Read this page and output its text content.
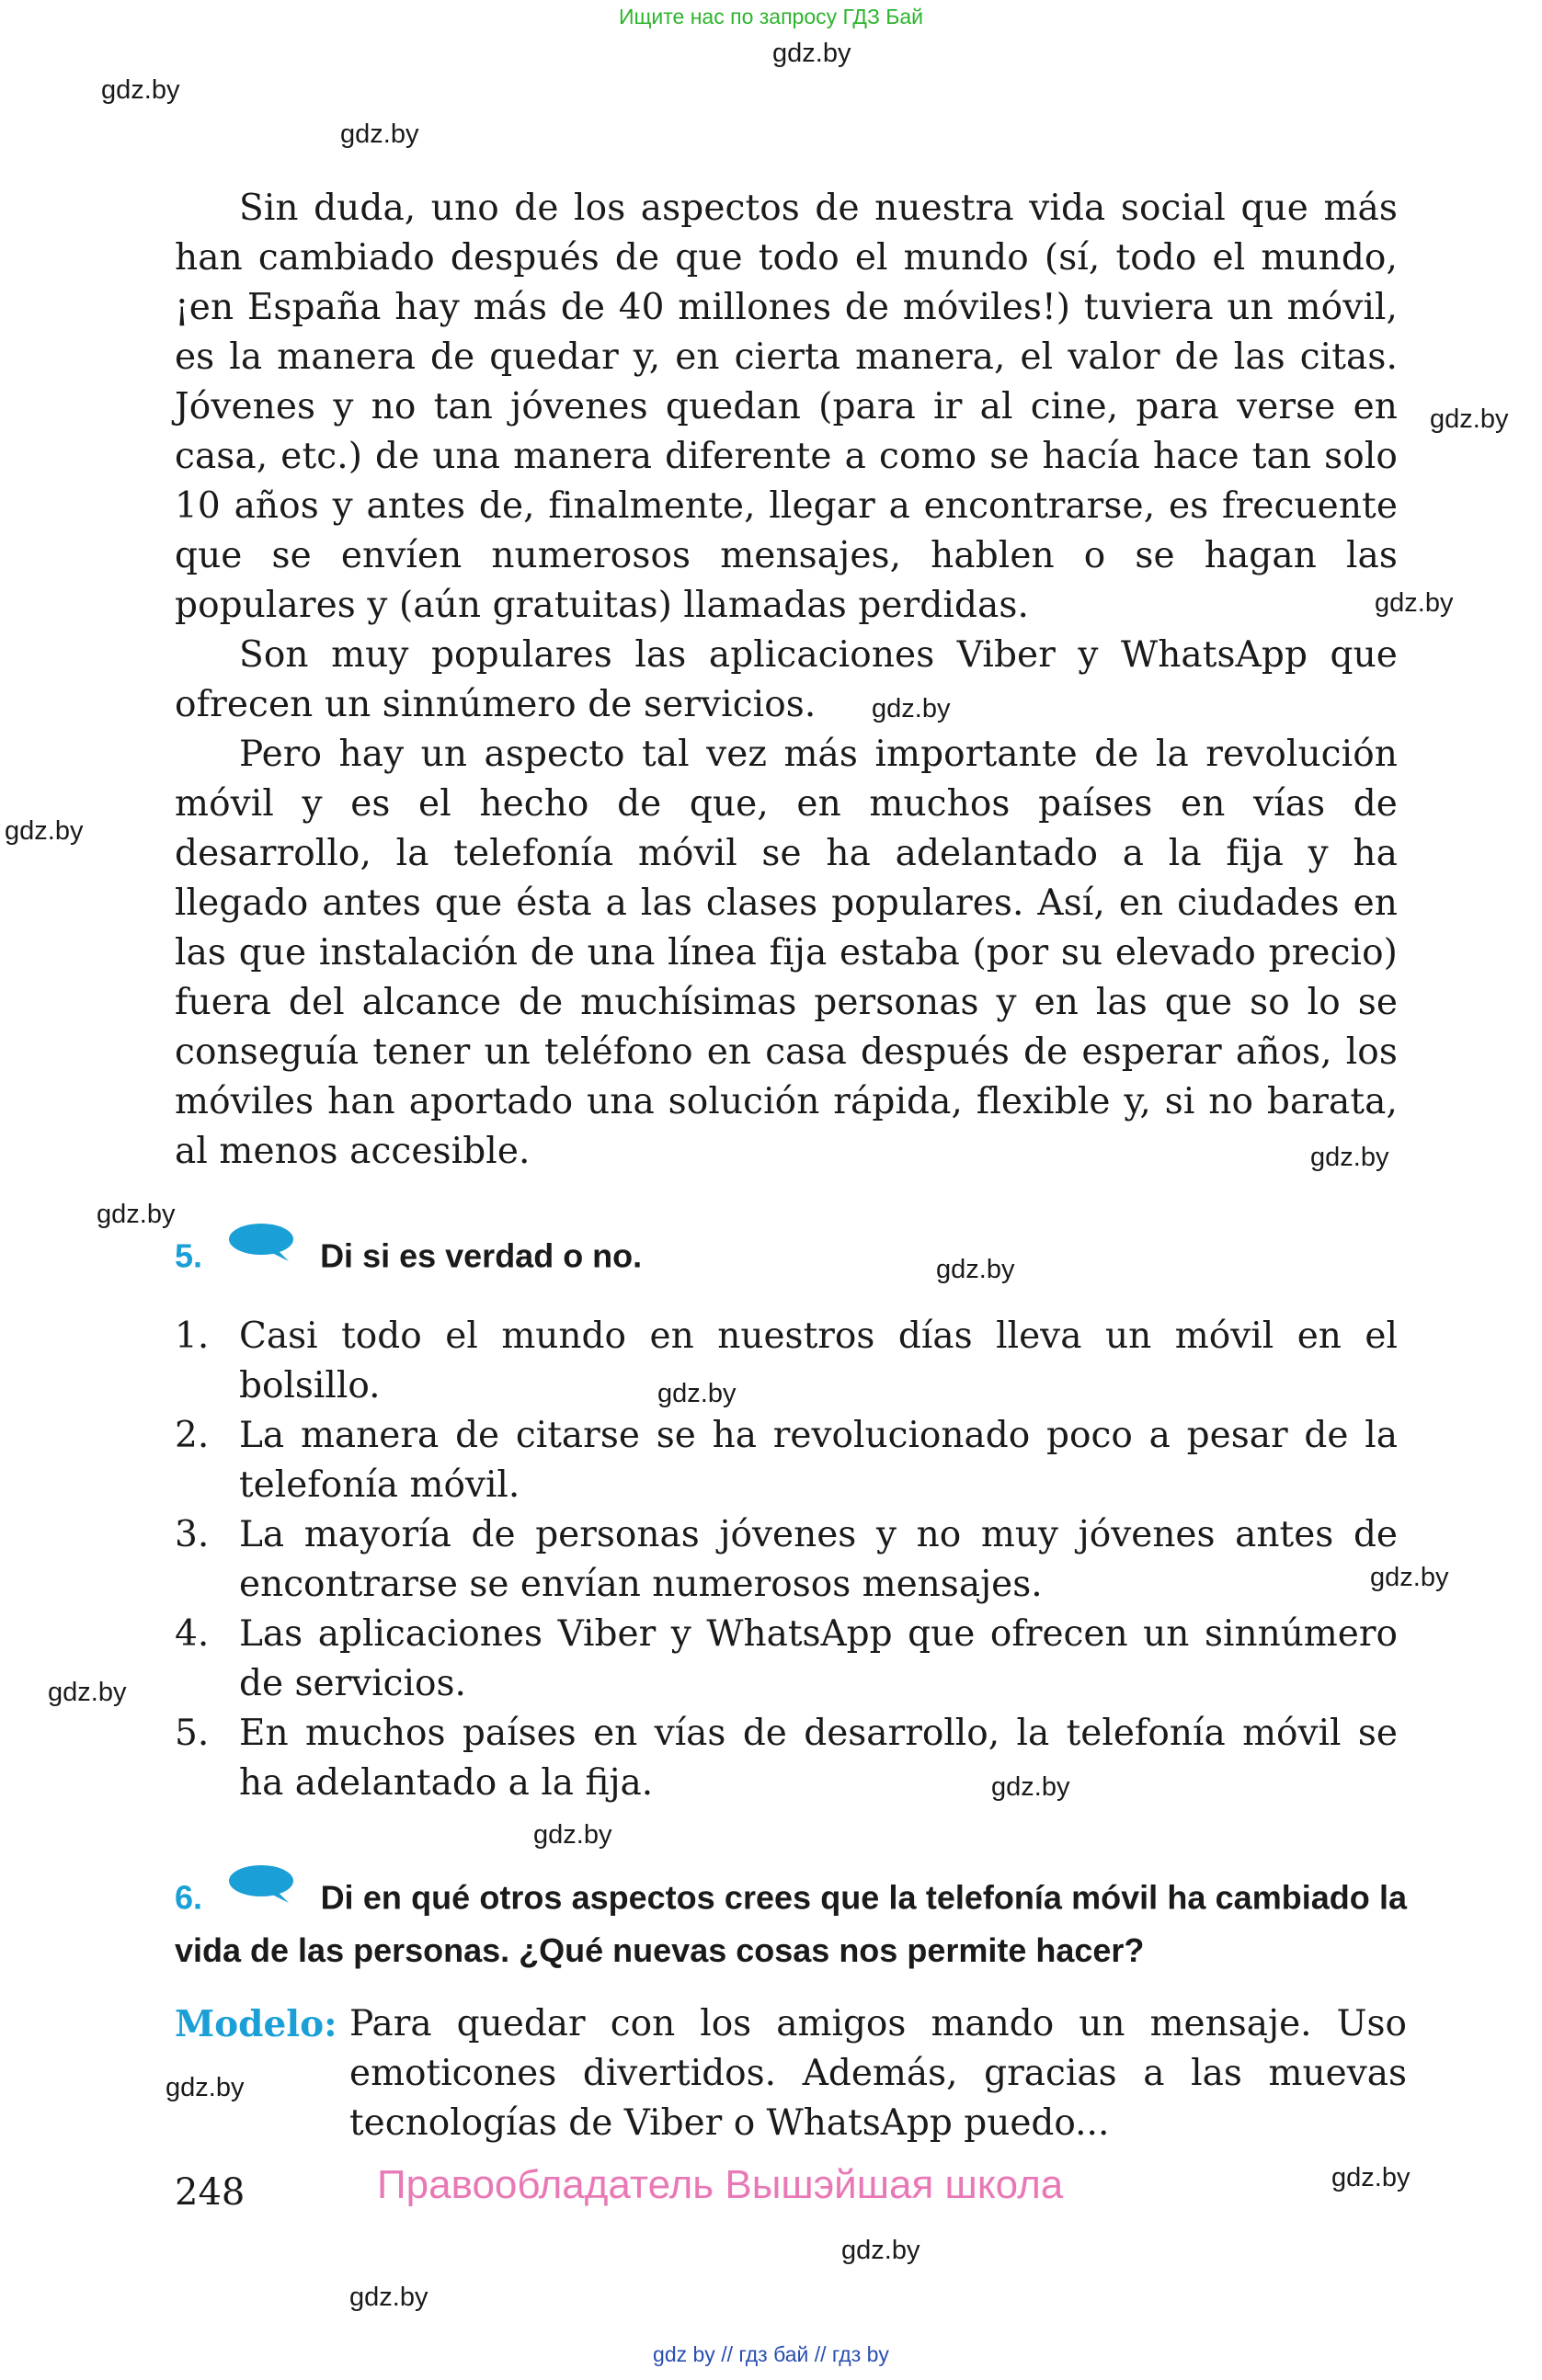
Ищите нас по запросу ГДЗ Бай
gdz.by
gdz.by
gdz.by
gdz.by
gdz.by
gdz.by
gdz.by
gdz.by
gdz.by
gdz.by
gdz.by
gdz.by
gdz.by
gdz.by
gdz.by
gdz.by
gdz.by
gdz.by
gdz.by

Sin duda, uno de los aspectos de nuestra vida social que más han cambiado después de que todo el mundo (sí, todo el mundo, ¡en España hay más de 40 millones de móviles!) tuviera un móvil, es la manera de quedar y, en cierta manera, el valor de las citas. Jóvenes y no tan jóvenes quedan (para ir al cine, para verse en casa, etc.) de una manera diferente a como se hacía hace tan solo 10 años y antes de, finalmente, llegar a encontrarse, es frecuente que se envíen numerosos mensajes, hablen o se hagan las populares y (aún gratuitas) llamadas perdidas.

Son muy populares las aplicaciones Viber y WhatsApp que ofrecen un sinnúmero de servicios.

Pero hay un aspecto tal vez más importante de la revolución móvil y es el hecho de que, en muchos países en vías de desarrollo, la telefonía móvil se ha adelantado a la fija y ha llegado antes que ésta a las clases populares. Así, en ciudades en las que instalación de una línea fija estaba (por su elevado precio) fuera del alcance de muchísimas personas y en las que so lo se conseguía tener un teléfono en casa después de esperar años, los móviles han aportado una solución rápida, flexible y, si no barata, al menos accesible.

5.	Di si es verdad o no.
1. Casi todo el mundo en nuestros días lleva un móvil en el bolsillo.
2. La manera de citarse se ha revolucionado poco a pesar de la telefonía móvil.
3. La mayoría de personas jóvenes y no muy jóvenes antes de encontrarse se envían numerosos mensajes.
4. Las aplicaciones Viber y WhatsApp que ofrecen un sinnúmero de servicios.
5. En muchos países en vías de desarrollo, la telefonía móvil se ha adelantado a la fija.
6.	Di en qué otros aspectos crees que la telefonía móvil ha cambiado la vida de las personas. ¿Qué nuevas cosas nos permite hacer?
Modelo: Para quedar con los amigos mando un mensaje. Uso emoticones divertidos. Además, gracias a las muevas tecnologías de Viber o WhatsApp puedo...
248	Правообладатель Вышэйшая школа
gdz by // гдз бай // гдз by
